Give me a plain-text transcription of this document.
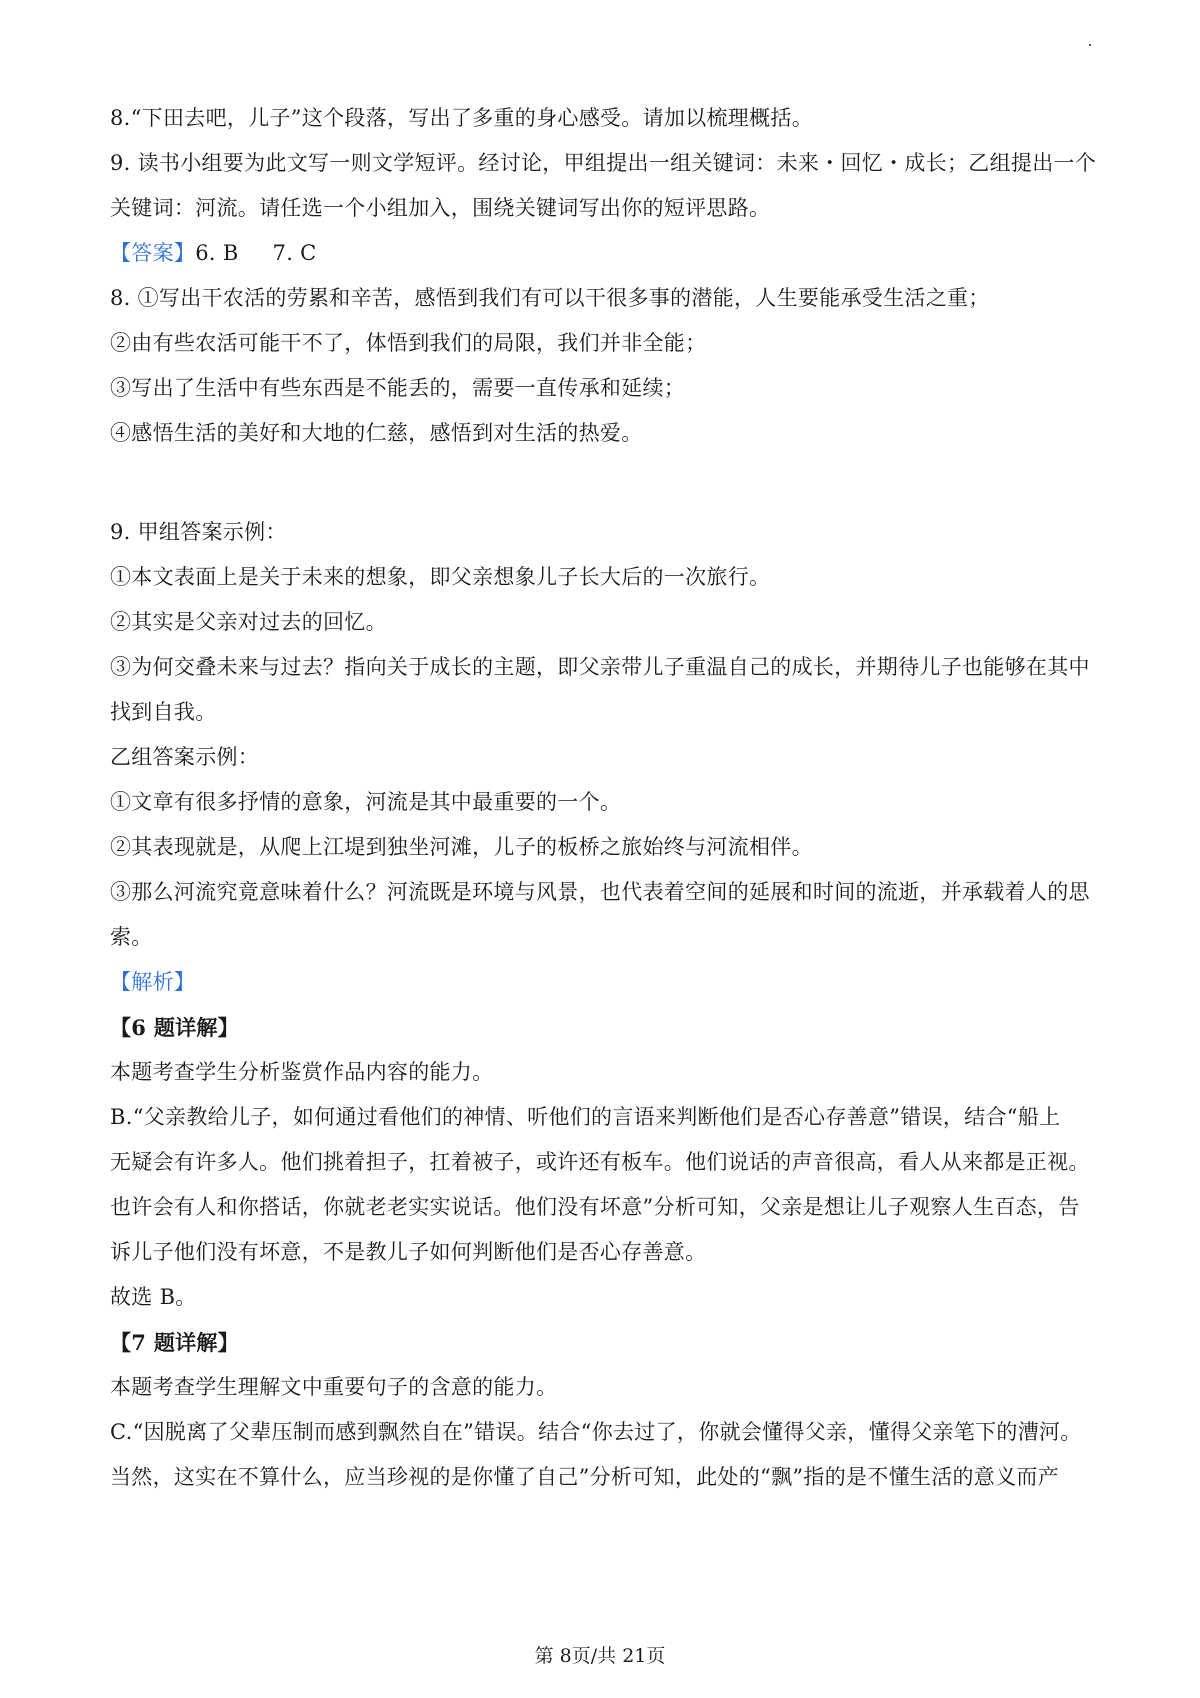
8.“下田去吧，儿子”这个段落，写出了多重的身心感受。请加以梳理概括。
9. 读书小组要为此文写一则文学短评。经讨论，甲组提出一组关键词：未来・回忆・成长；乙组提出一个
关键词：河流。请任选一个小组加入，围绕关键词写出你的短评思路。
【答案】6. B 7. C
8. ①写出干农活的劳累和辛苦，感悟到我们有可以干很多事的潜能，人生要能承受生活之重；
②由有些农活可能干不了，体悟到我们的局限，我们并非全能；
③写出了生活中有些东西是不能丢的，需要一直传承和延续；
④感悟生活的美好和大地的仁慈，感悟到对生活的热爱。
9. 甲组答案示例：
①本文表面上是关于未来的想象，即父亲想象儿子长大后的一次旅行。
②其实是父亲对过去的回忆。
③为何交叠未来与过去？指向关于成长的主题，即父亲带儿子重温自己的成长，并期待儿子也能够在其中
找到自我。
乙组答案示例：
①文章有很多抒情的意象，河流是其中最重要的一个。
②其表现就是，从爬上江堤到独坐河滩，儿子的板桥之旅始终与河流相伴。
③那么河流究竟意味着什么？河流既是环境与风景，也代表着空间的延展和时间的流逝，并承载着人的思
索。
【解析】
【6 题详解】
本题考查学生分析鉴赏作品内容的能力。
B.“父亲教给儿子，如何通过看他们的神情、听他们的言语来判断他们是否心存善意”错误，结合“船上
无疑会有许多人。他们挑着担子，扛着被子，或许还有板车。他们说话的声音很高，看人从来都是正视。
也许会有人和你搭话，你就老老实实说话。他们没有坏意”分析可知，父亲是想让儿子观察人生百态，告
诉儿子他们没有坏意，不是教儿子如何判断他们是否心存善意。
故选 B。
【7 题详解】
本题考查学生理解文中重要句子的含意的能力。
C.“因脱离了父辈压制而感到飘然自在”错误。结合“你去过了，你就会懂得父亲，懂得父亲笔下的漕河。
当然，这实在不算什么，应当珍视的是你懂了自己”分析可知，此处的“飘”指的是不懂生活的意义而产
第 8页/共 21页
